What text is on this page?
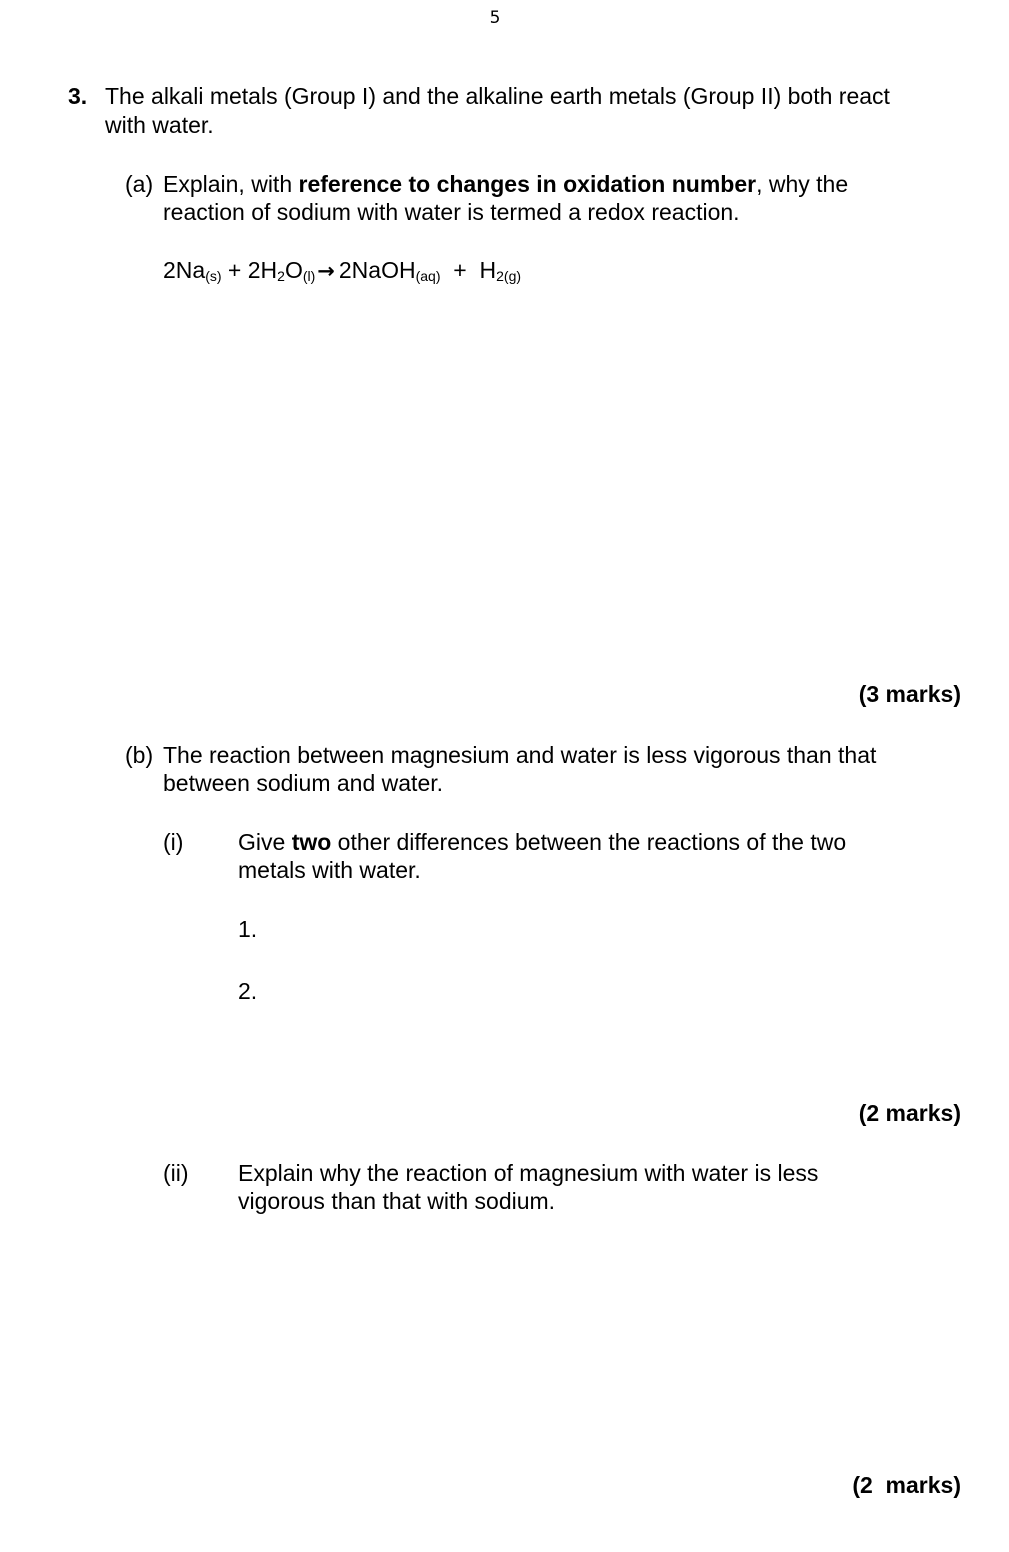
5
3. The alkali metals (Group I) and the alkaline earth metals (Group II) both react
with water.
(a) Explain, with reference to changes in oxidation number, why the
reaction of sodium with water is termed a redox reaction.
$2Na_{(s)} + 2H_2O_{(l)}\to$ 2NaOH$_{(aq)}$ + $H_{2(g)}$
(3 marks)
(b) The reaction between magnesium and water is less vigorous than that
between sodium and water.
(i) Give two other differences between the reactions of the two
metals with water.
1.
2.
(2 marks)
(ii) Explain why the reaction of magnesium with water is less
vigorous than that with sodium.
(2  marks)
